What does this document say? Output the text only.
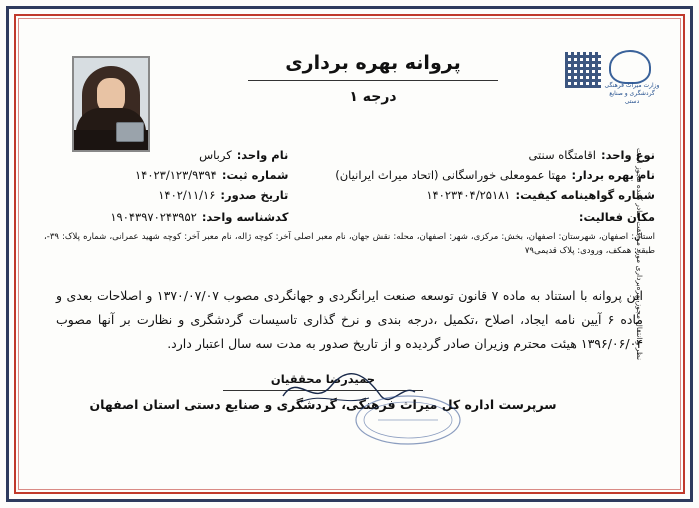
نظر و انتقال مجوز بهره‌برداری مورد موافقت صادر کننده مجوز است
پروانه بهره برداری
درجه ۱
وزارت میراث فرهنگی
گردشگری و صنایع دستی
نوع واحد:
اقامتگاه سنتی
نام واحد:
کرباس
نام بهره بردار:
مهتا عمومعلی خوراسگانی (اتحاد میراث ایرانیان)
شماره ثبت:
۱۴۰۲۳/۱۲۳/۹۳۹۴
شماره گواهینامه کیفیت:
۱۴۰۲۳۴۰۴/۲۵۱۸۱
تاریخ صدور:
۱۴۰۲/۱۱/۱۶
مکان فعالیت:
کدشناسه واحد:
۱۹۰۴۳۹۷۰۲۴۳۹۵۲
استان: اصفهان، شهرستان: اصفهان، بخش: مرکزی، شهر: اصفهان، محله: نقش جهان، نام معبر اصلی آخر: کوچه ژاله، نام معبر آخر: کوچه شهید عمرانی، شماره پلاک: ۳۹-، طبقه: همکف، ورودی: پلاک قدیمی۷۹
این پروانه با استناد به ماده ۷ قانون توسعه صنعت ایرانگردی و جهانگردی مصوب ۱۳۷۰/۰۷/۰۷ و اصلاحات بعدی و ماده ۶ آیین نامه ایجاد، اصلاح ،تکمیل ،درجه بندی و نرخ گذاری تاسیسات گردشگری و نظارت بر آنها مصوب ۱۳۹۶/۰۶/۰۴ هیئت محترم وزیران صادر گردیده و از تاریخ صدور به مدت سه سال اعتبار دارد.
حمیدرضا محققیان
سرپرست اداره کل میراث فرهنگی، گردشگری و صنایع دستی استان اصفهان
